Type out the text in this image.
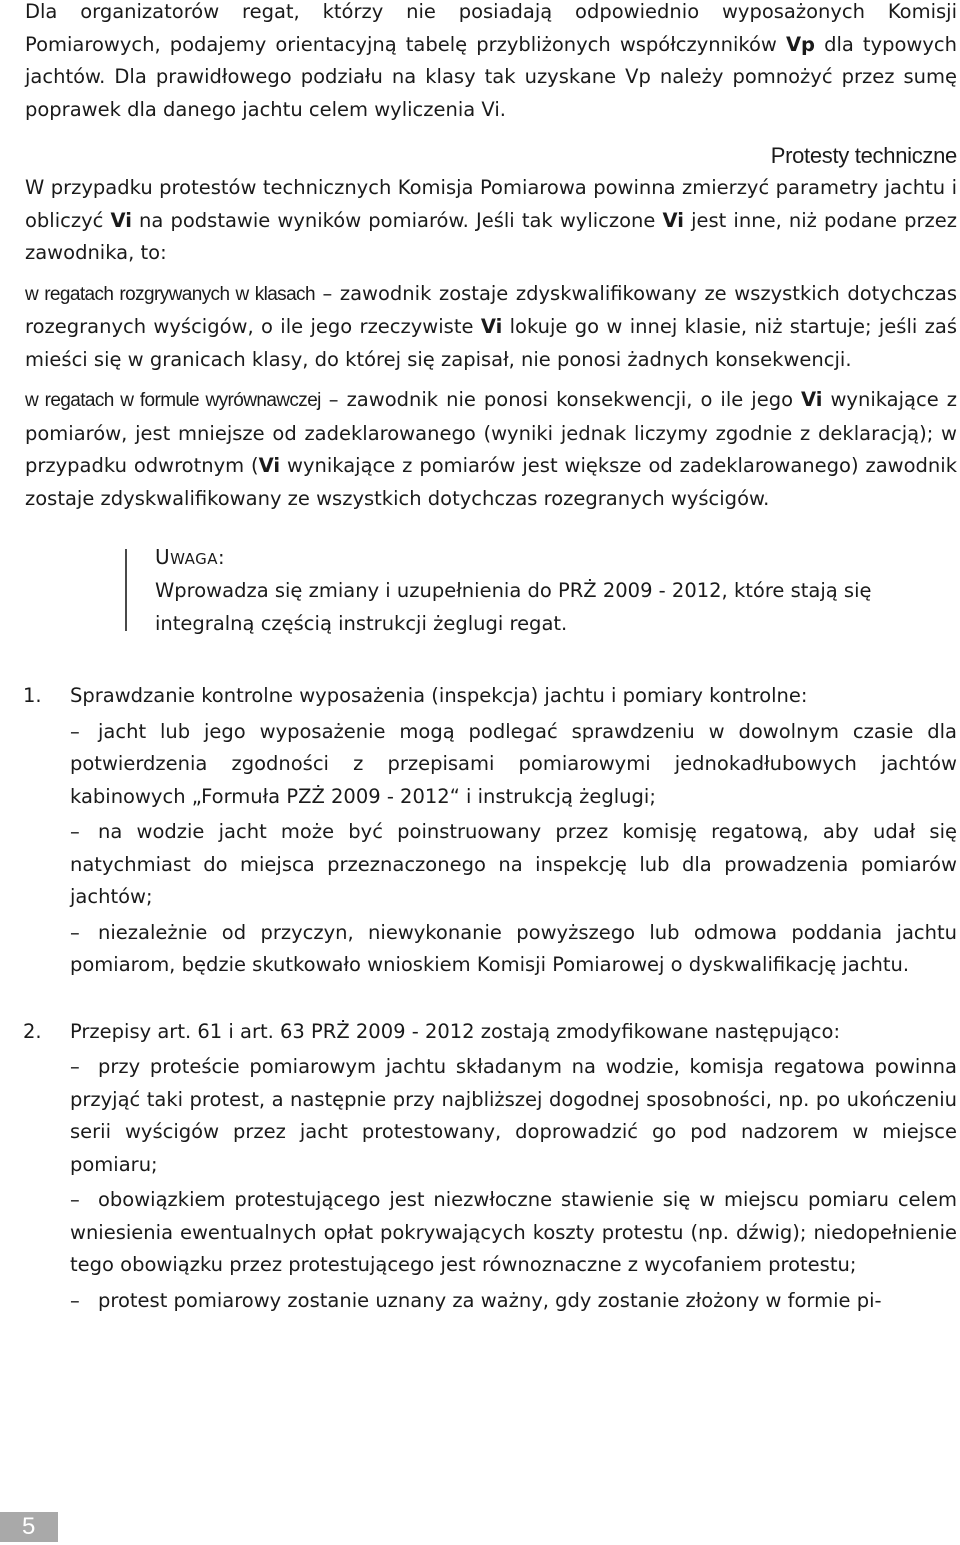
Dla organizatorów regat, którzy nie posiadają odpowiednio wyposażonych Komisji Pomiarowych, podajemy orientacyjną tabelę przybliżonych współczynników Vp dla typowych jachtów. Dla prawidłowego podziału na klasy tak uzyskane Vp należy pomnożyć przez sumę poprawek dla danego jachtu celem wyliczenia Vi.

Protesty techniczne

W przypadku protestów technicznych Komisja Pomiarowa powinna zmierzyć parametry jachtu i obliczyć Vi na podstawie wyników pomiarów. Jeśli tak wyliczone Vi jest inne, niż podane przez zawodnika, to:

w regatach rozgrywanych w klasach – zawodnik zostaje zdyskwalifikowany ze wszystkich dotychczas rozegranych wyścigów, o ile jego rzeczywiste Vi lokuje go w innej klasie, niż startuje; jeśli zaś mieści się w granicach klasy, do której się zapisał, nie ponosi żadnych konsekwencji.

w regatach w formule wyrównawczej – zawodnik nie ponosi konsekwencji, o ile jego Vi wynikające z pomiarów, jest mniejsze od zadeklarowanego (wyniki jednak liczymy zgodnie z deklaracją); w przypadku odwrotnym (Vi wynikające z pomiarów jest większe od zadeklarowanego) zawodnik zostaje zdyskwalifikowany ze wszystkich dotychczas rozegranych wyścigów.

UWAGA:

Wprowadza się zmiany i uzupełnienia do PRŻ 2009 - 2012, które stają się integralną częścią instrukcji żeglugi regat.

1. Sprawdzanie kontrolne wyposażenia (inspekcja) jachtu i pomiary kontrolne:

– jacht lub jego wyposażenie mogą podlegać sprawdzeniu w dowolnym czasie dla potwierdzenia zgodności z przepisami pomiarowymi jednokadłubowych jachtów kabinowych „Formuła PZŻ 2009 - 2012“ i instrukcją żeglugi;

– na wodzie jacht może być poinstruowany przez komisję regatową, aby udał się natychmiast do miejsca przeznaczonego na inspekcję lub dla prowadzenia pomiarów jachtów;

– niezależnie od przyczyn, niewykonanie powyższego lub odmowa poddania jachtu pomiarom, będzie skutkowało wnioskiem Komisji Pomiarowej o dyskwalifikację jachtu.

2. Przepisy art. 61 i art. 63 PRŻ 2009 - 2012 zostają zmodyfikowane następująco:

– przy proteście pomiarowym jachtu składanym na wodzie, komisja regatowa powinna przyjąć taki protest, a następnie przy najbliższej dogodnej sposobności, np. po ukończeniu serii wyścigów przez jacht protestowany, doprowadzić go pod nadzorem w miejsce pomiaru;

– obowiązkiem protestującego jest niezwłoczne stawienie się w miejscu pomiaru celem wniesienia ewentualnych opłat pokrywających koszty protestu (np. dźwig); niedopełnienie tego obowiązku przez protestującego jest równoznaczne z wycofaniem protestu;

– protest pomiarowy zostanie uznany za ważny, gdy zostanie złożony w formie pi-

5
